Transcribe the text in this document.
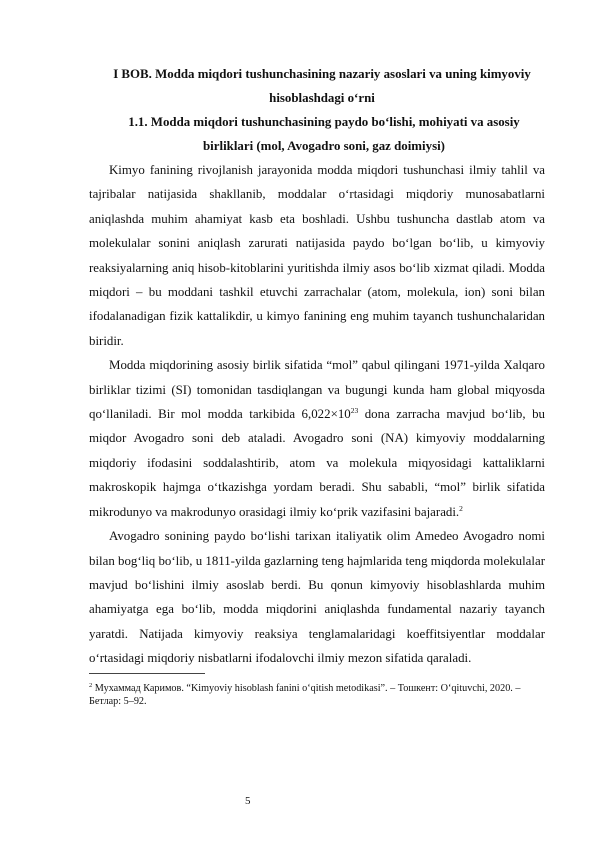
I BOB. Modda miqdori tushunchasining nazariy asoslari va uning kimyoviy hisoblashdagi o‘rni

1.1. Modda miqdori tushunchasining paydo bo‘lishi, mohiyati va asosiy birliklari (mol, Avogadro soni, gaz doimiysi)

Kimyo fanining rivojlanish jarayonida modda miqdori tushunchasi ilmiy tahlil va tajribalar natijasida shakllanib, moddalar o‘rtasidagi miqdoriy munosabatlarni aniqlashda muhim ahamiyat kasb eta boshladi. Ushbu tushuncha dastlab atom va molekulalar sonini aniqlash zarurati natijasida paydo bo‘lgan bo‘lib, u kimyoviy reaksiyalarning aniq hisob-kitoblarini yuritishda ilmiy asos bo‘lib xizmat qiladi. Modda miqdori – bu moddani tashkil etuvchi zarrachalar (atom, molekula, ion) soni bilan ifodalanadigan fizik kattalikdir, u kimyo fanining eng muhim tayanch tushunchalaridan biridir.

Modda miqdorining asosiy birlik sifatida “mol” qabul qilingani 1971-yilda Xalqaro birliklar tizimi (SI) tomonidan tasdiqlangan va bugungi kunda ham global miqyosda qo‘llaniladi. Bir mol modda tarkibida $6,022\times 10^{23}$ dona zarracha mavjud bo‘lib, bu miqdor Avogadro soni deb ataladi. Avogadro soni (NA) kimyoviy moddalarning miqdoriy ifodasini soddalashtirib, atom va molekula miqyosidagi kattaliklarni makroskopik hajmga o‘tkazishga yordam beradi. Shu sababli, “mol” birlik sifatida mikrodunyo va makrodunyo orasidagi ilmiy ko‘prik vazifasini bajaradi.$^2$

Avogadro sonining paydo bo‘lishi tarixan italiyatik olim Amedeo Avogadro nomi bilan bog‘liq bo‘lib, u 1811-yilda gazlarning teng hajmlarida teng miqdorda molekulalar mavjud bo‘lishini ilmiy asoslab berdi. Bu qonun kimyoviy hisoblashlarda muhim ahamiyatga ega bo‘lib, modda miqdorini aniqlashda fundamental nazariy tayanch yaratdi. Natijada kimyoviy reaksiya tenglamalaridagi koeffitsiyentlar moddalar o‘rtasidagi miqdoriy nisbatlarni ifodalovchi ilmiy mezon sifatida qaraladi.

$^2$ Мухаммад Каримов. “Kimyoviy hisoblash fanini o‘qitish metodikasi”. – Тошкент: O‘qituvchi, 2020. – Бетлар: 5–92.

5
